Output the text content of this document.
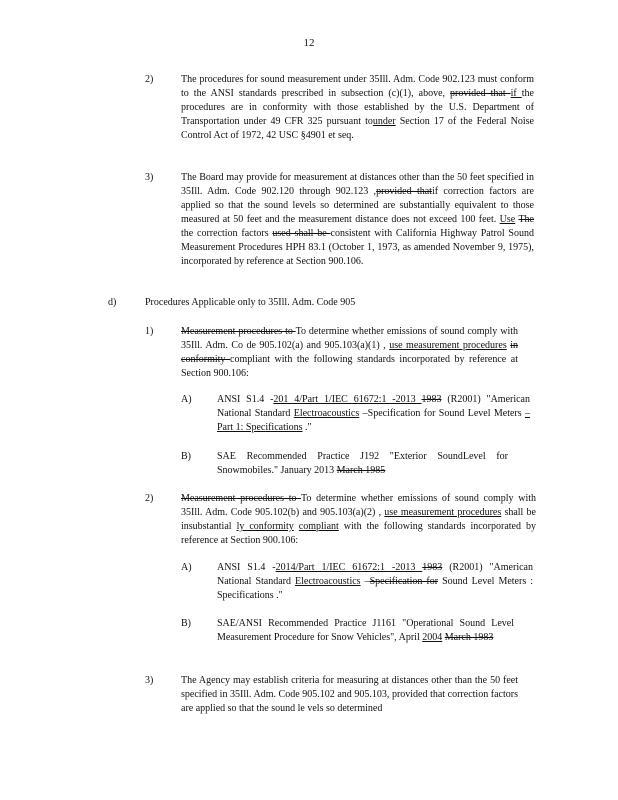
12
2)	The procedures for sound measurement under 35Ill. Adm. Code 902.123 must conform to the ANSI standards prescribed in subsection (c)(1), above, provided that if the procedures are in conformity with those established by the U.S. Department of Transportation under 49 CFR 325 pursuant tounder Section 17 of the Federal Noise Control Act of 1972, 42 USC §4901 et seq.
3)	The Board may provide for measurement at distances other than the 50 feet specified in 35Ill. Adm. Code 902.120 through 902.123 ,provided thatif correction factors are applied so that the sound levels so determined are substantially equivalent to those measured at 50 feet and the measurement distance does not exceed 100 feet. Use The the correction factors used shall be consistent with California Highway Patrol Sound Measurement Procedures HPH 83.1 (October 1, 1973, as amended November 9, 1975), incorporated by reference at Section 900.106.
d)	Procedures Applicable only to 35Ill. Adm. Code 905
1)	Measurement procedures to To determine whether emissions of sound comply with 35Ill. Adm. Co de 905.102(a) and 905.103(a)(1) , use measurement procedures in conformity compliant with the following standards incorporated by reference at Section 900.106:
A)	ANSI S1.4 -201 4/Part 1/IEC 61672:1 -2013 1983 (R2001) "American National Standard Electroacoustics –Specification for Sound Level Meters – Part 1: Specifications ."
B)	SAE Recommended Practice J192 "Exterior SoundLevel for Snowmobiles." January 2013 March 1985
2)	Measurement procedures to To determine whether emissions of sound comply with 35Ill. Adm. Code 905.102(b) and 905.103(a)(2) , use measurement procedures shall be insubstantial ly conformity compliant with the following standards incorporated by reference at Section 900.106:
A)	ANSI S1.4 -2014/Part 1/IEC 61672:1 -2013 1983 (R2001) "American National Standard Electroacoustics –Specification for Sound Level Meters : Specifications ."
B)	SAE/ANSI Recommended Practice J1161 "Operational Sound Level Measurement Procedure for Snow Vehicles", April 2004 March 1983
3)	The Agency may establish criteria for measuring at distances other than the 50 feet specified in 35Ill. Adm. Code 905.102 and 905.103, provided that correction factors are applied so that the sound le vels so determined
